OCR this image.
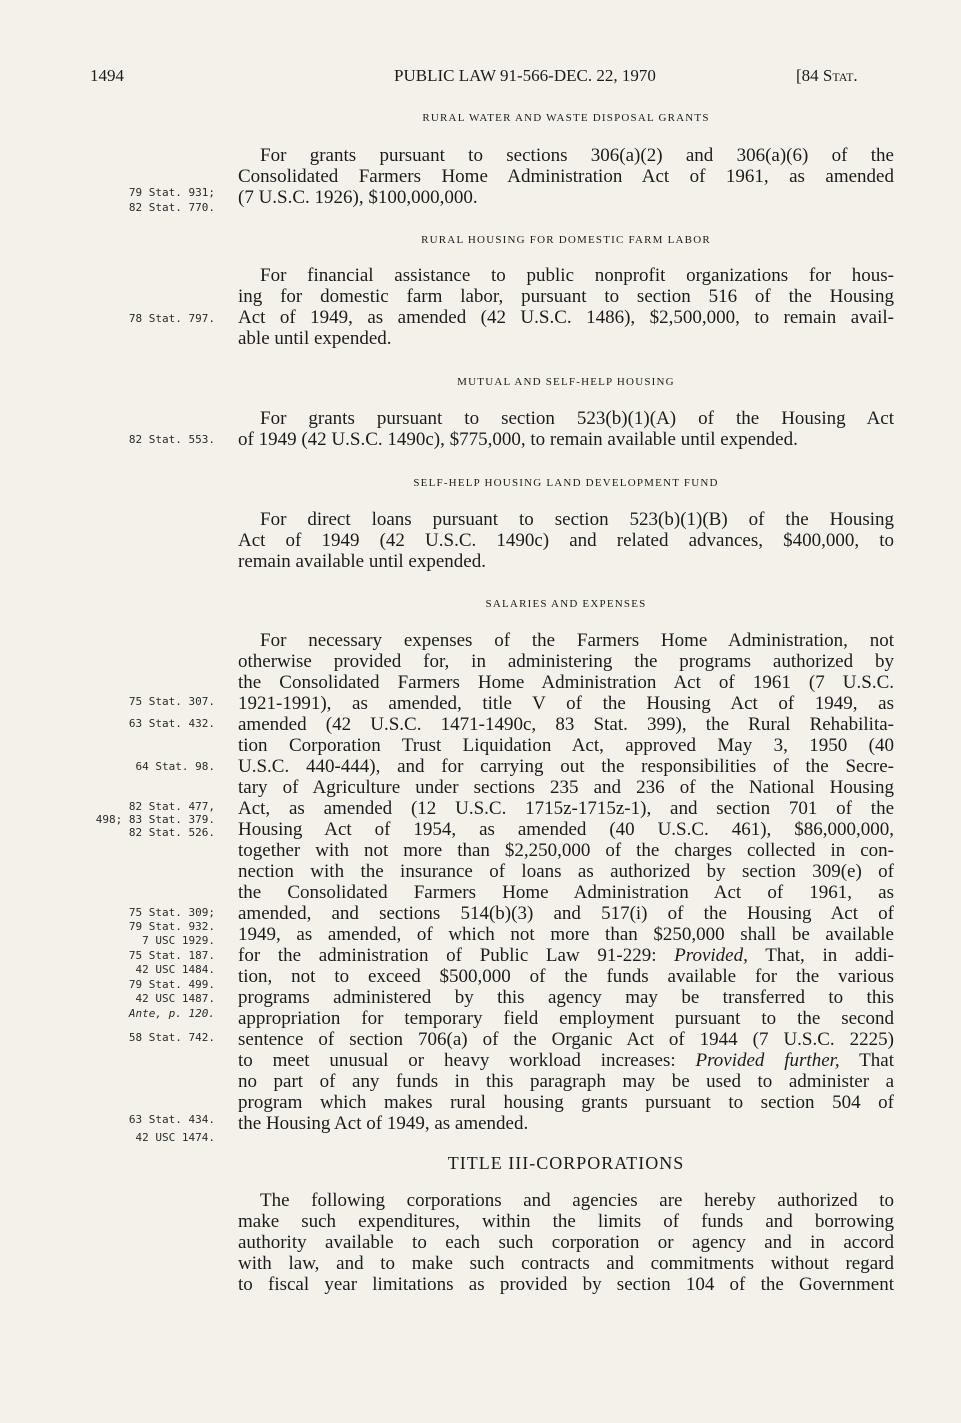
1494	PUBLIC LAW 91-566-DEC. 22, 1970	[84 Stat.
RURAL WATER AND WASTE DISPOSAL GRANTS
For grants pursuant to sections 306(a)(2) and 306(a)(6) of the
Consolidated Farmers Home Administration Act of 1961, as amended
(7 U.S.C. 1926), $100,000,000.
RURAL HOUSING FOR DOMESTIC FARM LABOR
For financial assistance to public nonprofit organizations for hous-
ing for domestic farm labor, pursuant to section 516 of the Housing
Act of 1949, as amended (42 U.S.C. 1486), $2,500,000, to remain avail-
able until expended.
MUTUAL AND SELF-HELP HOUSING
For grants pursuant to section 523(b)(1)(A) of the Housing Act
of 1949 (42 U.S.C. 1490c), $775,000, to remain available until expended.
SELF-HELP HOUSING LAND DEVELOPMENT FUND
For direct loans pursuant to section 523(b)(1)(B) of the Housing
Act of 1949 (42 U.S.C. 1490c) and related advances, $400,000, to
remain available until expended.
SALARIES AND EXPENSES
For necessary expenses of the Farmers Home Administration, not
otherwise provided for, in administering the programs authorized by
the Consolidated Farmers Home Administration Act of 1961 (7 U.S.C.
1921-1991), as amended, title V of the Housing Act of 1949, as
amended (42 U.S.C. 1471-1490c, 83 Stat. 399), the Rural Rehabilita-
tion Corporation Trust Liquidation Act, approved May 3, 1950 (40
U.S.C. 440-444), and for carrying out the responsibilities of the Secre-
tary of Agriculture under sections 235 and 236 of the National Housing
Act, as amended (12 U.S.C. 1715z-1715z-1), and section 701 of the
Housing Act of 1954, as amended (40 U.S.C. 461), $86,000,000,
together with not more than $2,250,000 of the charges collected in con-
nection with the insurance of loans as authorized by section 309(e) of
the Consolidated Farmers Home Administration Act of 1961, as
amended, and sections 514(b)(3) and 517(i) of the Housing Act of
1949, as amended, of which not more than $250,000 shall be available
for the administration of Public Law 91-229: Provided, That, in addi-
tion, not to exceed $500,000 of the funds available for the various
programs administered by this agency may be transferred to this
appropriation for temporary field employment pursuant to the second
sentence of section 706(a) of the Organic Act of 1944 (7 U.S.C. 2225)
to meet unusual or heavy workload increases: Provided further, That
no part of any funds in this paragraph may be used to administer a
program which makes rural housing grants pursuant to section 504 of
the Housing Act of 1949, as amended.
TITLE III-CORPORATIONS
The following corporations and agencies are hereby authorized to
make such expenditures, within the limits of funds and borrowing
authority available to each such corporation or agency and in accord
with law, and to make such contracts and commitments without regard
to fiscal year limitations as provided by section 104 of the Government
79 Stat. 931;
82 Stat. 770.
78 Stat. 797.
82 Stat. 553.
75 Stat. 307.
63 Stat. 432.
64 Stat. 98.
82 Stat. 477,
498; 83 Stat. 379.
82 Stat. 526.
75 Stat. 309;
79 Stat. 932.
7 USC 1929.
75 Stat. 187.
42 USC 1484.
79 Stat. 499.
42 USC 1487.
Ante, p. 120.
58 Stat. 742.
63 Stat. 434.
42 USC 1474.
